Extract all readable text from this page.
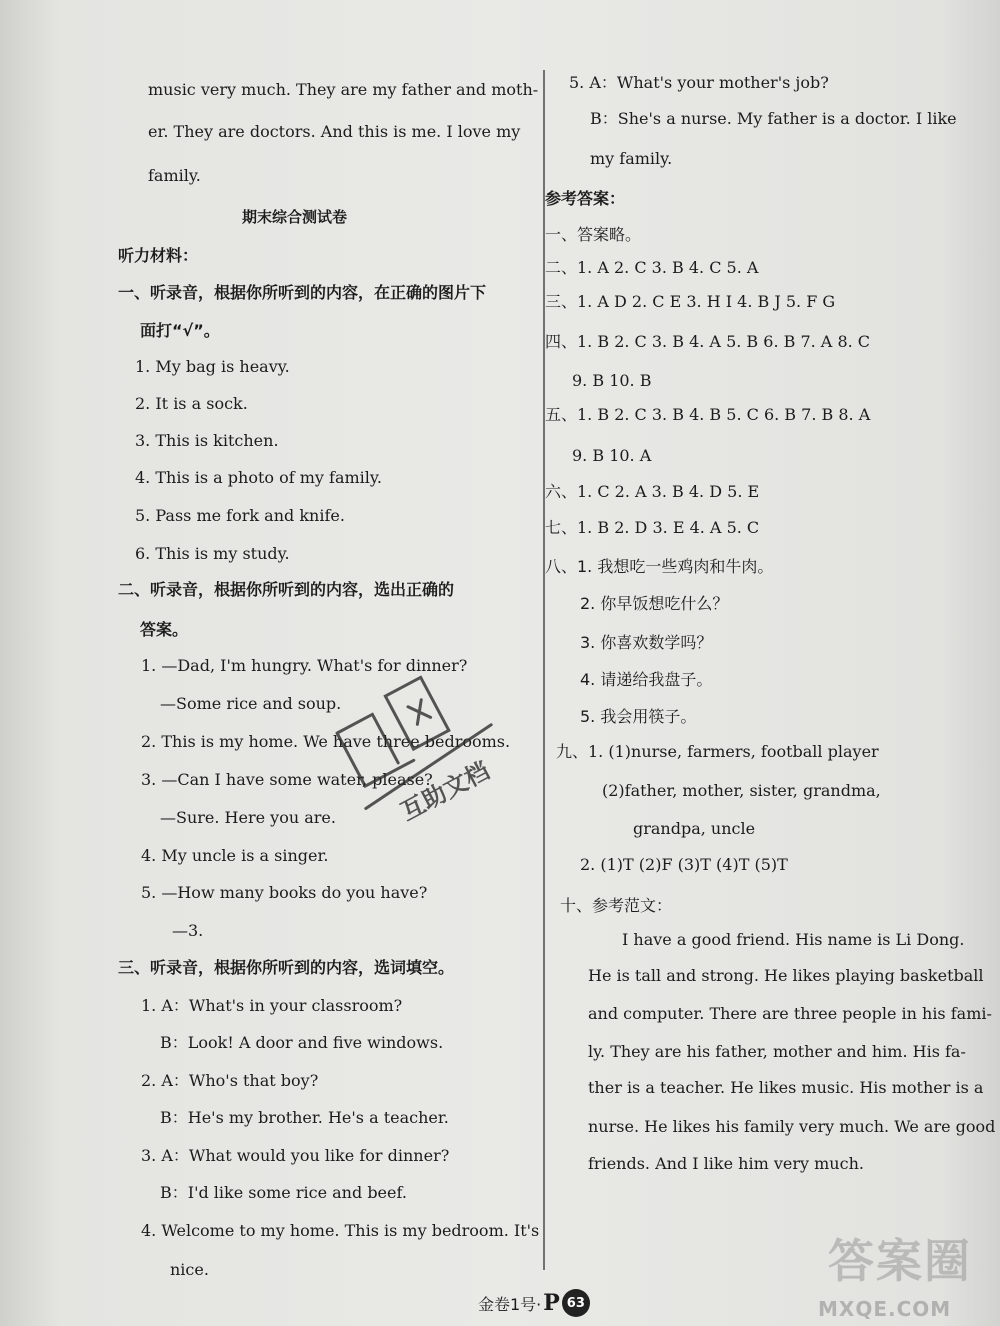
music very much. They are my father and moth-
er. They are doctors. And this is me. I love my
family.
期末综合测试卷
听力材料：
一、听录音，根据你所听到的内容，在正确的图片下
面打“√”。
1. My bag is heavy.
2. It is a sock.
3. This is kitchen.
4. This is a photo of my family.
5. Pass me fork and knife.
6. This is my study.
二、听录音，根据你所听到的内容，选出正确的
答案。
1. —Dad, I'm hungry. What's for dinner?
—Some rice and soup.
2. This is my home. We have three bedrooms.
3. —Can I have some water, please?
—Sure. Here you are.
4. My uncle is a singer.
5. —How many books do you have?
—3.
三、听录音，根据你所听到的内容，选词填空。
1. A：What's in your classroom?
B：Look! A door and five windows.
2. A：Who's that boy?
B：He's my brother. He's a teacher.
3. A：What would you like for dinner?
B：I'd like some rice and beef.
4. Welcome to my home. This is my bedroom. It's
nice.
5. A：What's your mother's job?
B：She's a nurse. My father is a doctor. I like
my family.
参考答案：
一、答案略。
二、1. A 2. C 3. B 4. C 5. A
三、1. A D 2. C E 3. H I 4. B J 5. F G
四、1. B 2. C 3. B 4. A 5. B 6. B 7. A 8. C
9. B 10. B
五、1. B 2. C 3. B 4. B 5. C 6. B 7. B 8. A
9. B 10. A
六、1. C 2. A 3. B 4. D 5. E
七、1. B 2. D 3. E 4. A 5. C
八、1. 我想吃一些鸡肉和牛肉。
2. 你早饭想吃什么？
3. 你喜欢数学吗？
4. 请递给我盘子。
5. 我会用筷子。
九、1. (1)nurse, farmers, football player
(2)father, mother, sister, grandma,
grandpa, uncle
2. (1)T (2)F (3)T (4)T (5)T
十、参考范文：
I have a good friend. His name is Li Dong.
He is tall and strong. He likes playing basketball
and computer. There are three people in his fami-
ly. They are his father, mother and him. His fa-
ther is a teacher. He likes music. His mother is a
nurse. He likes his family very much. We are good
friends. And I like him very much.
互助文档
金卷1号· P 63
答案圈
MXQE.COM
